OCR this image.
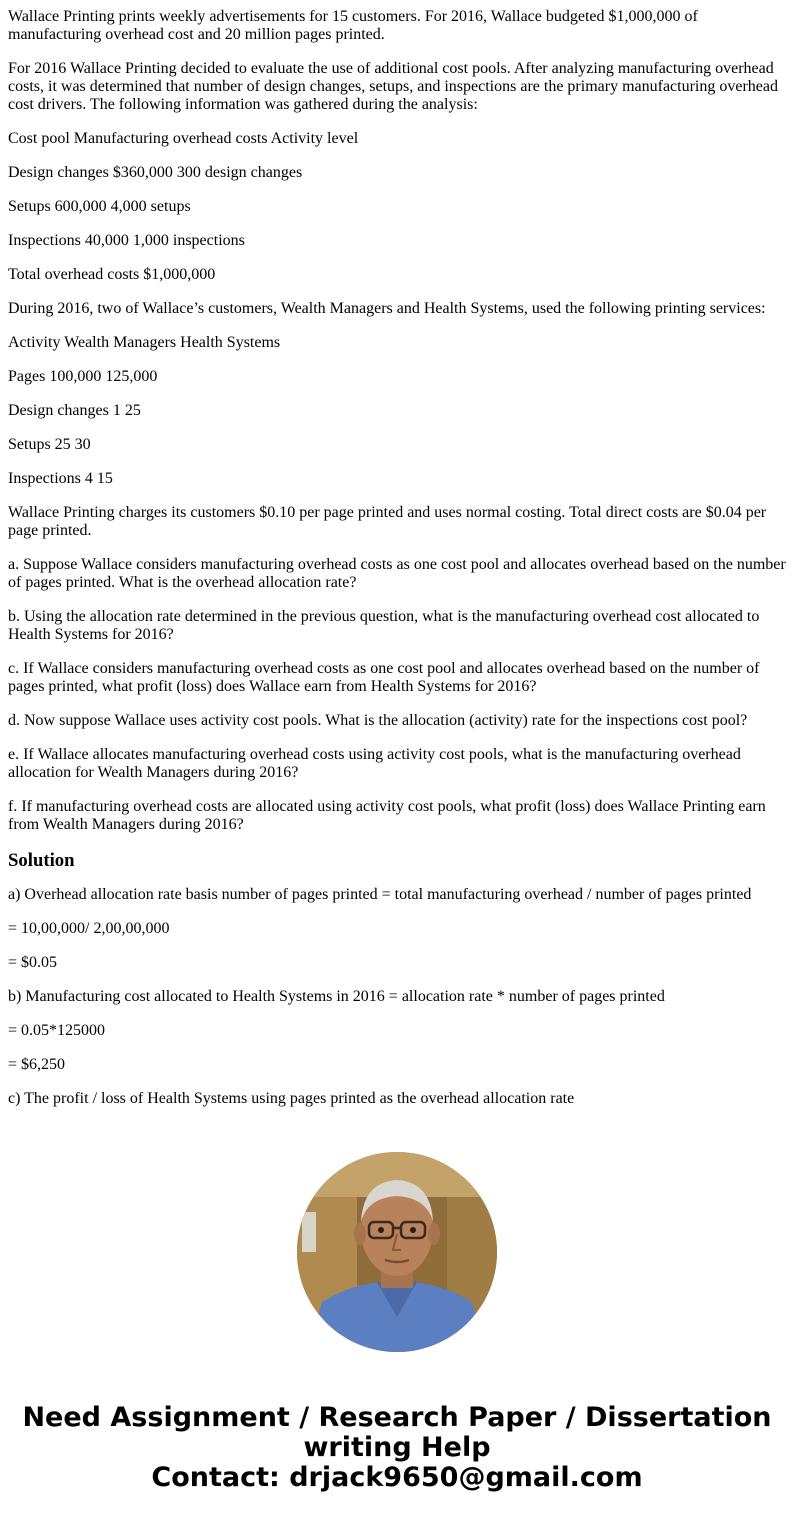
Wallace Printing prints weekly advertisements for 15 customers. For 2016, Wallace budgeted $1,000,000 of manufacturing overhead cost and 20 million pages printed.

For 2016 Wallace Printing decided to evaluate the use of additional cost pools. After analyzing manufacturing overhead costs, it was determined that number of design changes, setups, and inspections are the primary manufacturing overhead cost drivers. The following information was gathered during the analysis:

Cost pool Manufacturing overhead costs Activity level

Design changes $360,000 300 design changes

Setups 600,000 4,000 setups

Inspections 40,000 1,000 inspections

Total overhead costs $1,000,000

During 2016, two of Wallace’s customers, Wealth Managers and Health Systems, used the following printing services:

Activity Wealth Managers Health Systems

Pages 100,000 125,000

Design changes 1 25

Setups 25 30

Inspections 4 15

Wallace Printing charges its customers $0.10 per page printed and uses normal costing. Total direct costs are $0.04 per page printed.

a. Suppose Wallace considers manufacturing overhead costs as one cost pool and allocates overhead based on the number of pages printed. What is the overhead allocation rate?

b. Using the allocation rate determined in the previous question, what is the manufacturing overhead cost allocated to Health Systems for 2016?

c. If Wallace considers manufacturing overhead costs as one cost pool and allocates overhead based on the number of pages printed, what profit (loss) does Wallace earn from Health Systems for 2016?

d. Now suppose Wallace uses activity cost pools. What is the allocation (activity) rate for the inspections cost pool?

e. If Wallace allocates manufacturing overhead costs using activity cost pools, what is the manufacturing overhead allocation for Wealth Managers during 2016?

f. If manufacturing overhead costs are allocated using activity cost pools, what profit (loss) does Wallace Printing earn from Wealth Managers during 2016?

Solution

a) Overhead allocation rate basis number of pages printed = total manufacturing overhead / number of pages printed

= 10,00,000/ 2,00,00,000

= $0.05

b) Manufacturing cost allocated to Health Systems in 2016 = allocation rate * number of pages printed

= 0.05*125000

= $6,250

c) The profit / loss of Health Systems using pages printed as the overhead allocation rate

Need Assignment / Research Paper / Dissertation
writing Help
Contact: drjack9650@gmail.com
